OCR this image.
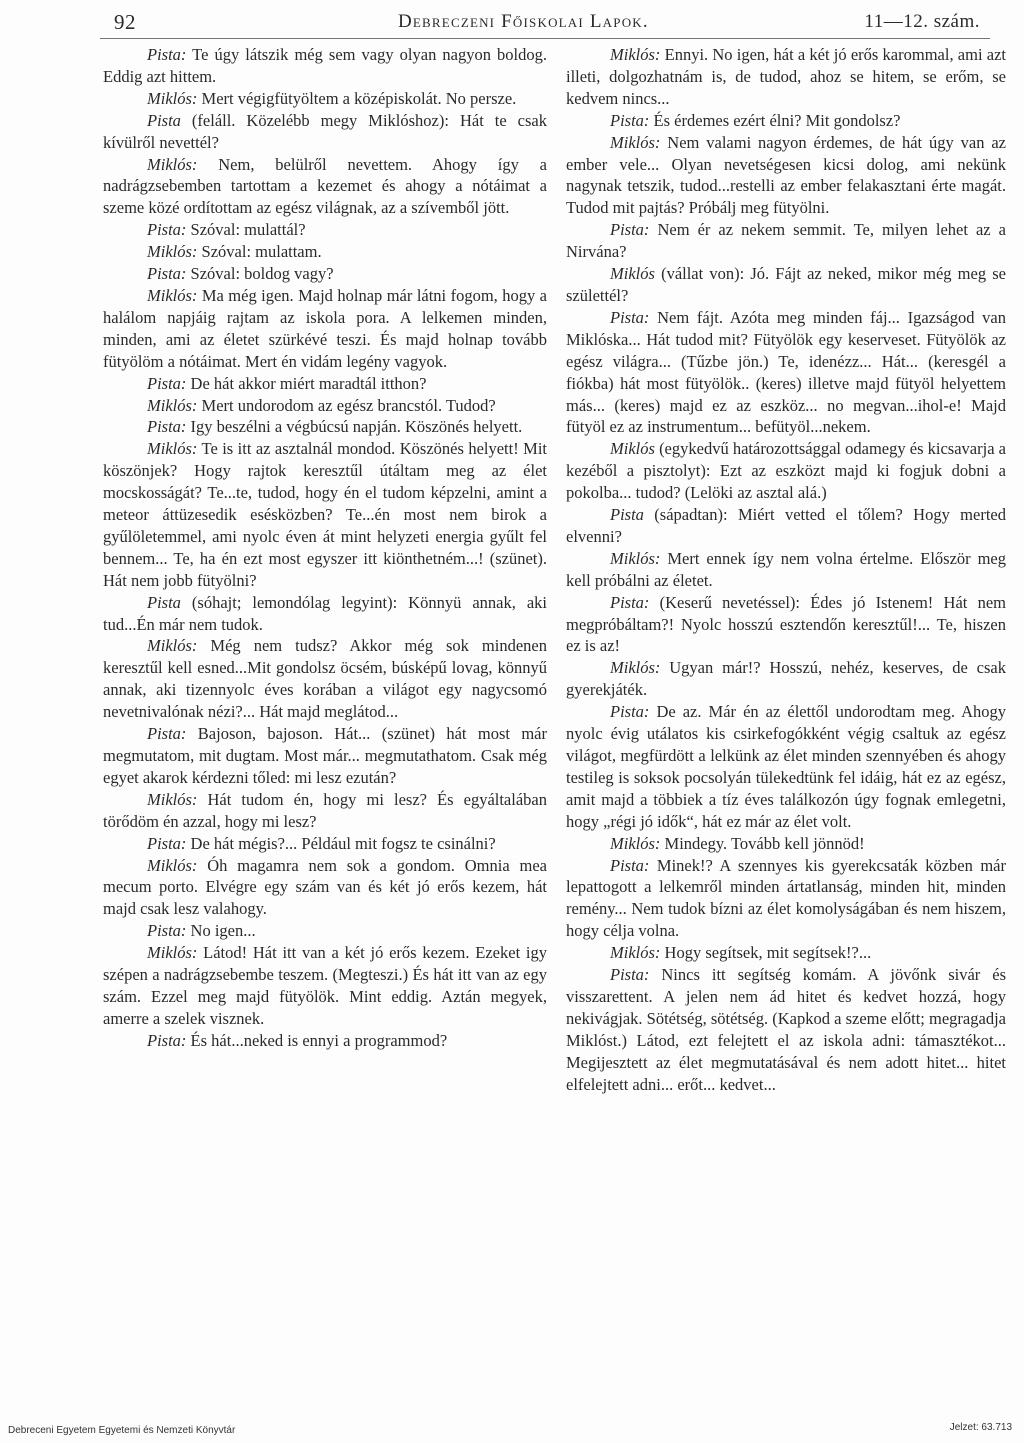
92	Debreczeni Főiskolai Lapok.	11—12. szám.

Pista: Te úgy látszik még sem vagy olyan nagyon boldog. Eddig azt hittem.

Miklós: Mert végigfütyöltem a középiskolát. No persze.

Pista (feláll. Közelébb megy Miklóshoz): Hát te csak kívülről nevettél?

Miklós: Nem, belülről nevettem. Ahogy így a nadrágzsebemben tartottam a kezemet és ahogy a nótáimat a szeme közé ordítottam az egész világnak, az a szívemből jött.

Pista: Szóval: mulattál?

Miklós: Szóval: mulattam.

Pista: Szóval: boldog vagy?

Miklós: Ma még igen. Majd holnap már látni fogom, hogy a halálom napjáig rajtam az iskola pora. A lelkemen minden, minden, ami az életet szürkévé teszi. És majd holnap tovább fütyölöm a nótáimat. Mert én vidám legény vagyok.

Pista: De hát akkor miért maradtál itthon?

Miklós: Mert undorodom az egész brancstól. Tudod?

Pista: Igy beszélni a végbúcsú napján. Köszönés helyett.

Miklós: Te is itt az asztalnál mondod. Köszönés helyett! Mit köszönjek? Hogy rajtok keresztűl útáltam meg az élet mocskosságát? Te...te, tudod, hogy én el tudom képzelni, amint a meteor áttüzesedik esésközben? Te...én most nem birok a gyűlöletemmel, ami nyolc éven át mint helyzeti energia gyűlt fel bennem... Te, ha én ezt most egyszer itt kiönthetném...! (szünet). Hát nem jobb fütyölni?

Pista (sóhajt; lemondólag legyint): Könnyü annak, aki tud...Én már nem tudok.

Miklós: Még nem tudsz? Akkor még sok mindenen keresztűl kell esned...Mit gondolsz öcsém, búsképű lovag, könnyű annak, aki tizennyolc éves korában a világot egy nagycsomó nevetnivalónak nézi?... Hát majd meglátod...

Pista: Bajoson, bajoson. Hát... (szünet) hát most már megmutatom, mit dugtam. Most már... megmutathatom. Csak még egyet akarok kérdezni tőled: mi lesz ezután?

Miklós: Hát tudom én, hogy mi lesz? És egyáltalában törődöm én azzal, hogy mi lesz?

Pista: De hát mégis?... Például mit fogsz te csinálni?

Miklós: Óh magamra nem sok a gondom. Omnia mea mecum porto. Elvégre egy szám van és két jó erős kezem, hát majd csak lesz valahogy.

Pista: No igen...

Miklós: Látod! Hát itt van a két jó erős kezem. Ezeket igy szépen a nadrágzsebembe teszem. (Megteszi.) És hát itt van az egy szám. Ezzel meg majd fütyölök. Mint eddig. Aztán megyek, amerre a szelek visznek.

Pista: És hát...neked is ennyi a programmod?

Miklós: Ennyi. No igen, hát a két jó erős karommal, ami azt illeti, dolgozhatnám is, de tudod, ahoz se hitem, se erőm, se kedvem nincs...

Pista: És érdemes ezért élni? Mit gondolsz?

Miklós: Nem valami nagyon érdemes, de hát úgy van az ember vele... Olyan nevetségesen kicsi dolog, ami nekünk nagynak tetszik, tudod...restelli az ember felakasztani érte magát. Tudod mit pajtás? Próbálj meg fütyölni.

Pista: Nem ér az nekem semmit. Te, milyen lehet az a Nirvána?

Miklós (vállat von): Jó. Fájt az neked, mikor még meg se születtél?

Pista: Nem fájt. Azóta meg minden fáj... Igazságod van Miklóska... Hát tudod mit? Fütyölök egy keserveset. Fütyölök az egész világra... (Tűzbe jön.) Te, idenézz... Hát... (keresgél a fiókba) hát most fütyölök.. (keres) illetve majd fütyöl helyettem más... (keres) majd ez az eszköz... no megvan...ihol-e! Majd fütyöl ez az instrumentum... befütyöl...nekem.

Miklós (egykedvű határozottsággal odamegy és kicsavarja a kezéből a pisztolyt): Ezt az eszközt majd ki fogjuk dobni a pokolba... tudod? (Lelöki az asztal alá.)

Pista (sápadtan): Miért vetted el tőlem? Hogy merted elvenni?

Miklós: Mert ennek így nem volna értelme. Először meg kell próbálni az életet.

Pista: (Keserű nevetéssel): Édes jó Istenem! Hát nem megpróbáltam?! Nyolc hosszú esztendőn keresztűl!... Te, hiszen ez is az!

Miklós: Ugyan már!? Hosszú, nehéz, keserves, de csak gyerekjáték.

Pista: De az. Már én az élettől undorodtam meg. Ahogy nyolc évig utálatos kis csirkefogókként végig csaltuk az egész világot, megfürdött a lelkünk az élet minden szennyében és ahogy testileg is soksok pocsolyán tülekedtünk fel idáig, hát ez az egész, amit majd a többiek a tíz éves találkozón úgy fognak emlegetni, hogy „régi jó idők“, hát ez már az élet volt.

Miklós: Mindegy. Tovább kell jönnöd!

Pista: Minek!? A szennyes kis gyerekcsaták közben már lepattogott a lelkemről minden ártatlanság, minden hit, minden remény... Nem tudok bízni az élet komolyságában és nem hiszem, hogy célja volna.

Miklós: Hogy segítsek, mit segítsek!?...

Pista: Nincs itt segítség komám. A jövőnk sivár és visszarettent. A jelen nem ád hitet és kedvet hozzá, hogy nekivágjak. Sötétség, sötétség. (Kapkod a szeme előtt; megragadja Miklóst.) Látod, ezt felejtett el az iskola adni: támasztékot... Megijesztett az élet megmutatásával és nem adott hitet... hitet elfelejtett adni... erőt... kedvet...

Debreceni Egyetem Egyetemi és Nemzeti Könyvtár	Jelzet: 63.713
